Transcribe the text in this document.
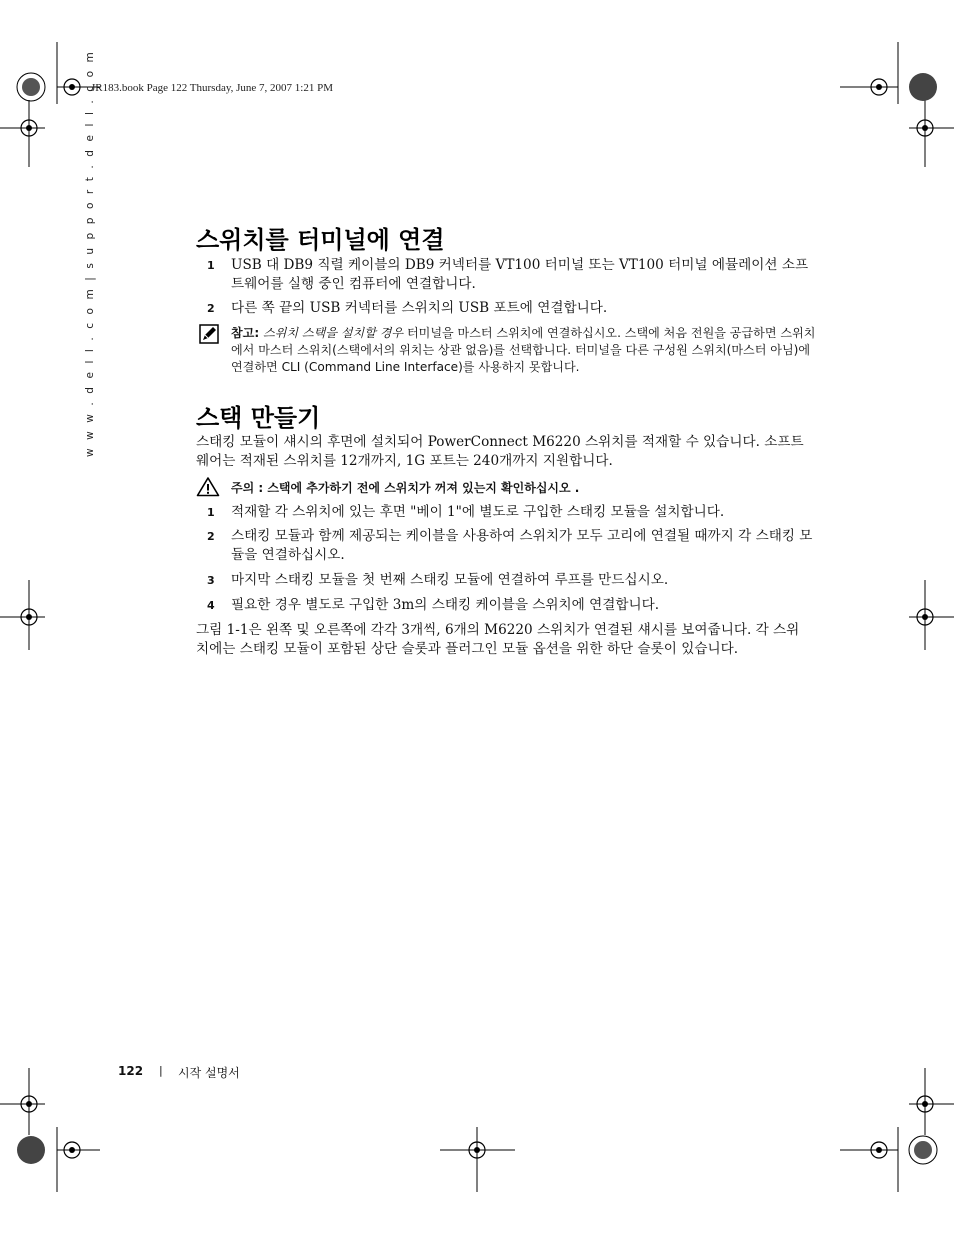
JR183.book Page 122 Thursday, June 7, 2007 1:21 PM
w w w . d e l l . c o m | s u p p o r t . d e l l . c o m	스위치를 터미널에 연결
1 USB 대 DB9 직렬 케이블의 DB9 커넥터를 VT100 터미널 또는 VT100 터미널 에뮬레이션 소프트웨어를 실행 중인 컴퓨터에 연결합니다.
2 다른 쪽 끝의 USB 커넥터를 스위치의 USB 포트에 연결합니다.
참고: 스위치 스택을 설치할 경우 터미널을 마스터 스위치에 연결하십시오. 스택에 처음 전원을 공급하면 스위치에서 마스터 스위치(스택에서의 위치는 상관 없음)를 선택합니다. 터미널을 다른 구성원 스위치(마스터 아님)에 연결하면 CLI (Command Line Interface)를 사용하지 못합니다.
스택 만들기
스태킹 모듈이 섀시의 후면에 설치되어 PowerConnect M6220 스위치를 적재할 수 있습니다. 소프트웨어는 적재된 스위치를 12개까지, 1G 포트는 240개까지 지원합니다.
주의 : 스택에 추가하기 전에 스위치가 꺼져 있는지 확인하십시오 .
1 적재할 각 스위치에 있는 후면 "베이 1"에 별도로 구입한 스태킹 모듈을 설치합니다.
2 스태킹 모듈과 함께 제공되는 케이블을 사용하여 스위치가 모두 고리에 연결될 때까지 각 스태킹 모듈을 연결하십시오.
3 마지막 스태킹 모듈을 첫 번째 스태킹 모듈에 연결하여 루프를 만드십시오.
4 필요한 경우 별도로 구입한 3m의 스태킹 케이블을 스위치에 연결합니다.
그림 1-1은 왼쪽 및 오른쪽에 각각 3개씩, 6개의 M6220 스위치가 연결된 섀시를 보여줍니다. 각 스위치에는 스태킹 모듈이 포함된 상단 슬롯과 플러그인 모듈 옵션을 위한 하단 슬롯이 있습니다.
122 | 시작 설명서
